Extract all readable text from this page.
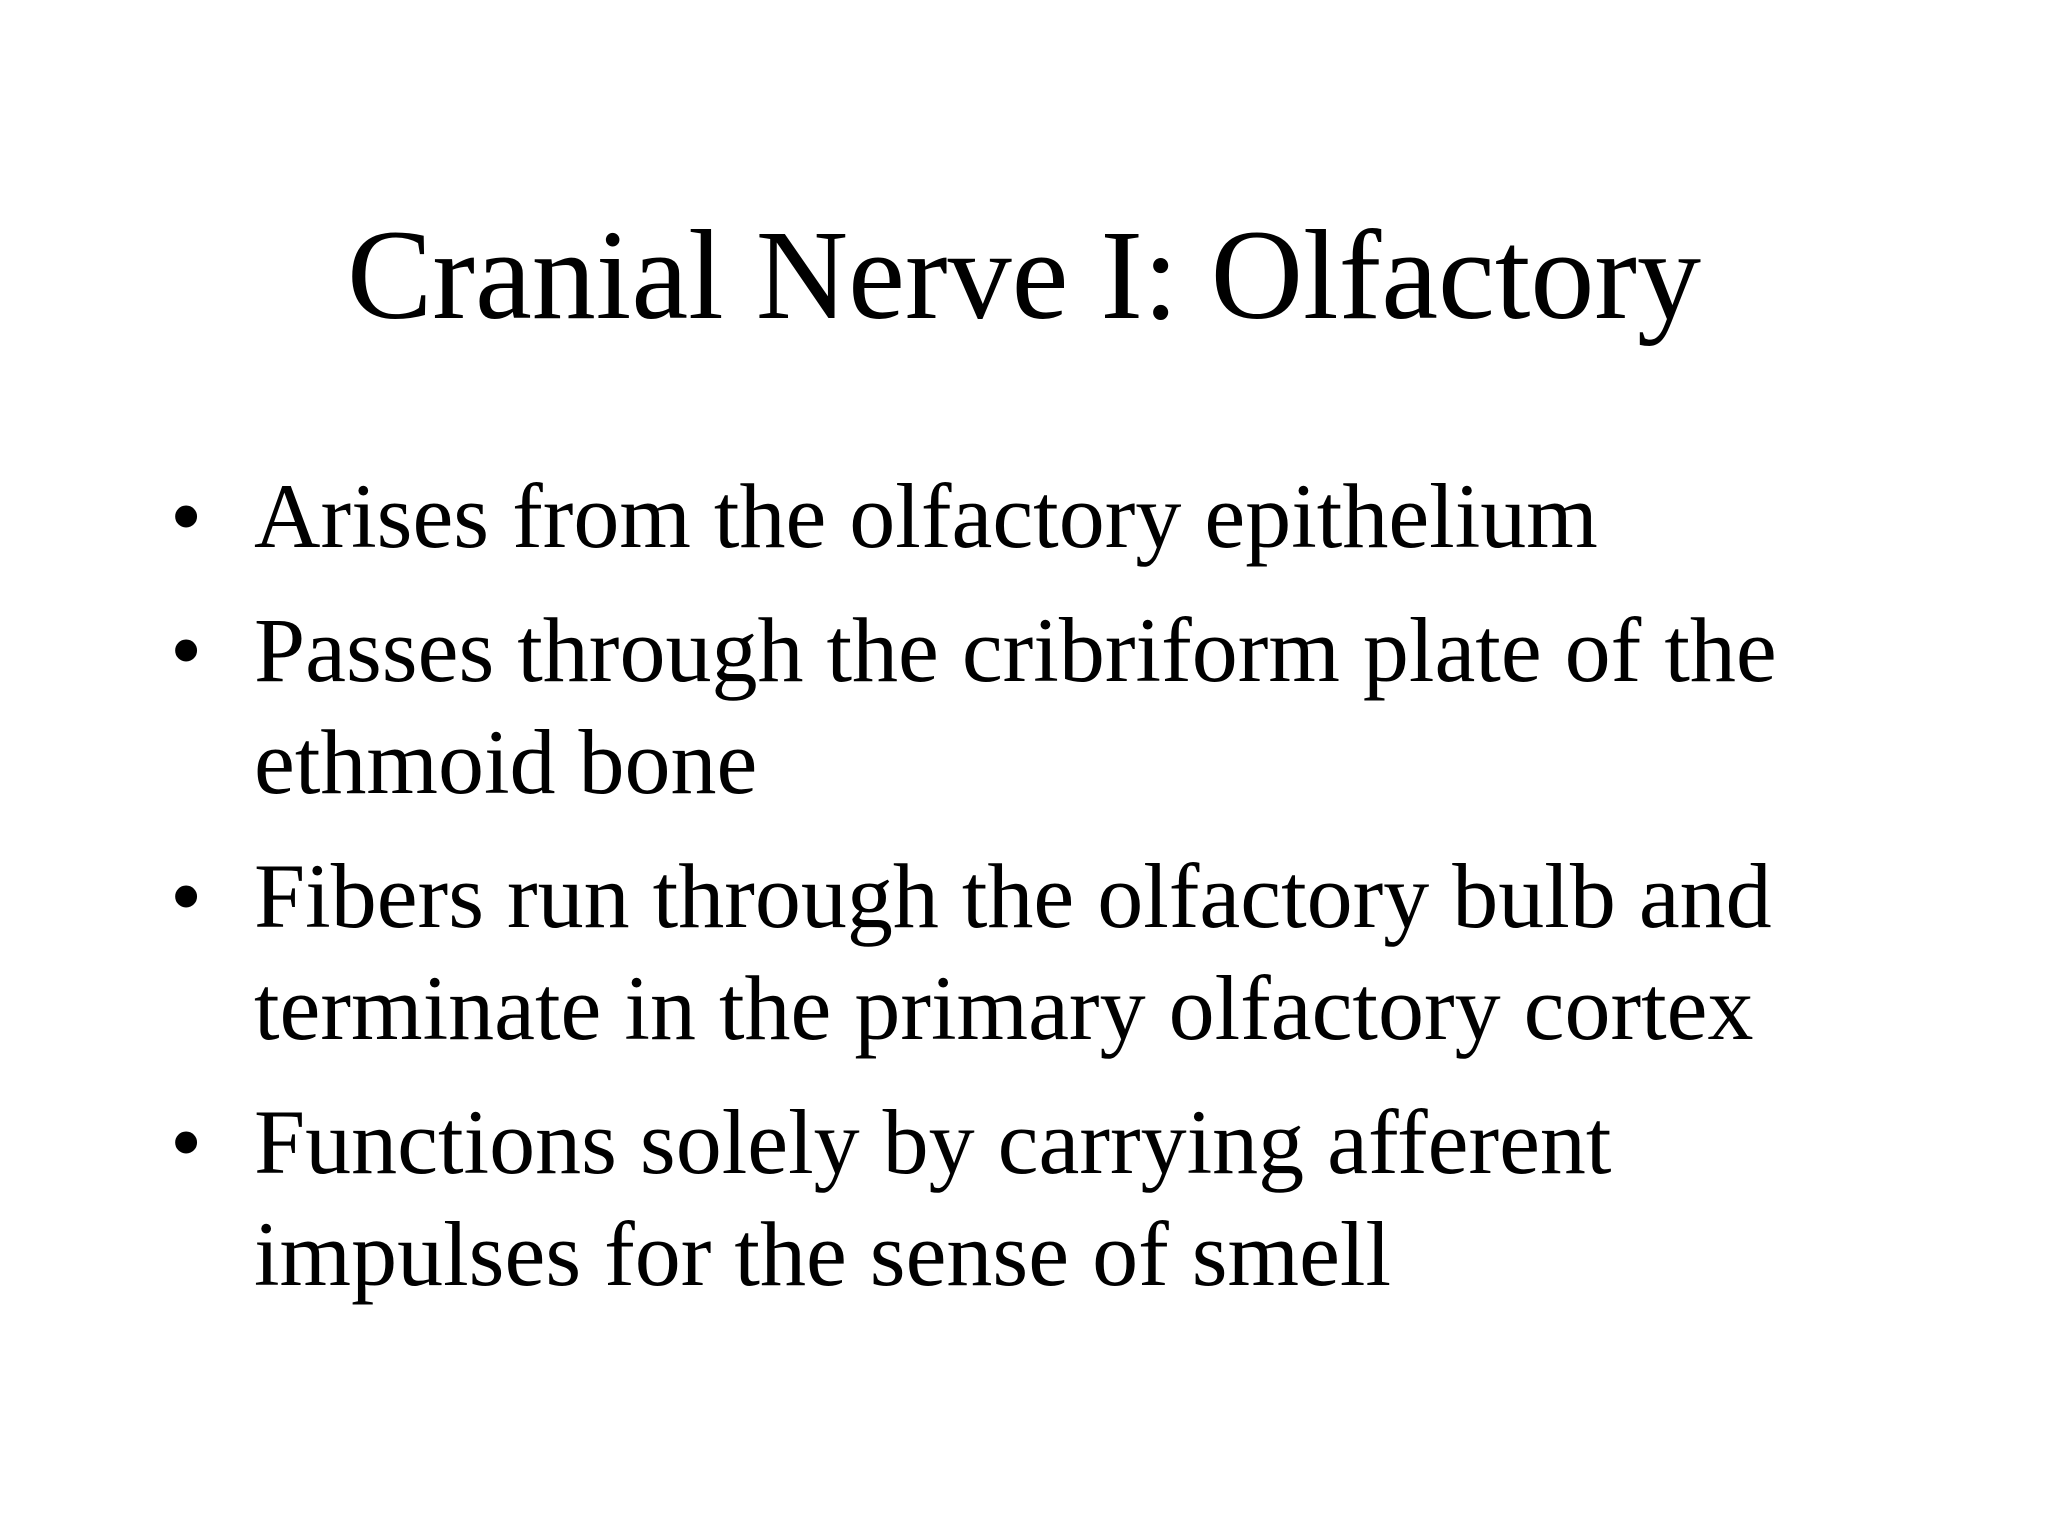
Cranial Nerve I: Olfactory
• Arises from the olfactory epithelium
• Passes through the cribriform plate of the ethmoid bone
• Fibers run through the olfactory bulb and terminate in the primary olfactory cortex
• Functions solely by carrying afferent impulses for the sense of smell
